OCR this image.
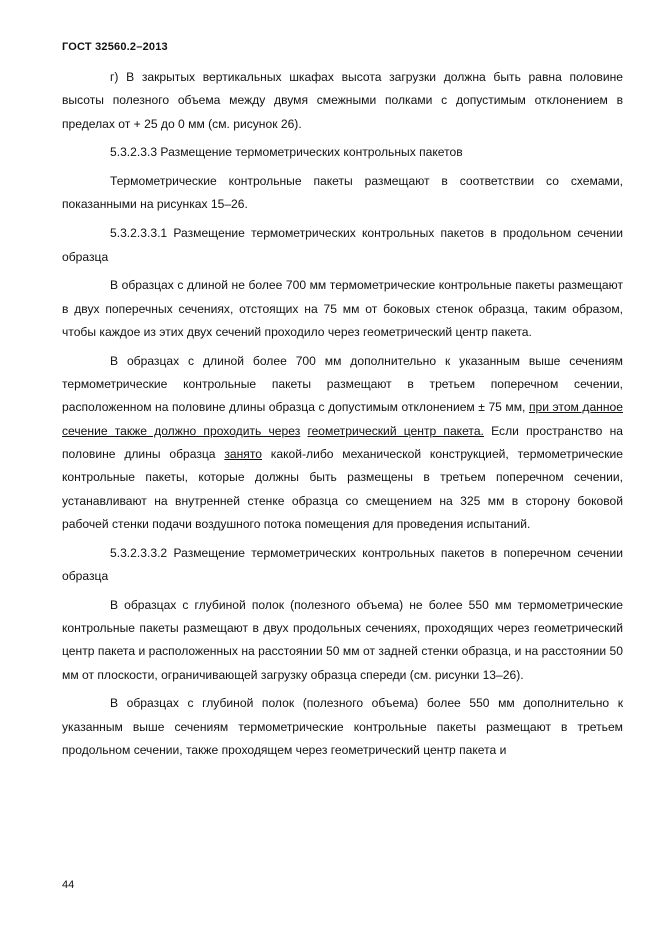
ГОСТ 32560.2–2013

г) В закрытых вертикальных шкафах высота загрузки должна быть равна половине высоты полезного объема между двумя смежными полками с допустимым отклонением в пределах от + 25 до 0 мм (см. рисунок 26).

5.3.2.3.3 Размещение термометрических контрольных пакетов

Термометрические контрольные пакеты размещают в соответствии со схемами, показанными на рисунках 15–26.

5.3.2.3.3.1 Размещение термометрических контрольных пакетов в продольном сечении образца

В образцах с длиной не более 700 мм термометрические контрольные пакеты размещают в двух поперечных сечениях, отстоящих на 75 мм от боковых стенок образца, таким образом, чтобы каждое из этих двух сечений проходило через геометрический центр пакета.

В образцах с длиной более 700 мм дополнительно к указанным выше сечениям термометрические контрольные пакеты размещают в третьем поперечном сечении, расположенном на половине длины образца с допустимым отклонением ± 75 мм, при этом данное сечение также должно проходить через геометрический центр пакета. Если пространство на половине длины образца занято какой-либо механической конструкцией, термометрические контрольные пакеты, которые должны быть размещены в третьем поперечном сечении, устанавливают на внутренней стенке образца со смещением на 325 мм в сторону боковой рабочей стенки подачи воздушного потока помещения для проведения испытаний.

5.3.2.3.3.2 Размещение термометрических контрольных пакетов в поперечном сечении образца

В образцах с глубиной полок (полезного объема) не более 550 мм термометрические контрольные пакеты размещают в двух продольных сечениях, проходящих через геометрический центр пакета и расположенных на расстоянии 50 мм от задней стенки образца, и на расстоянии 50 мм от плоскости, ограничивающей загрузку образца спереди (см. рисунки 13–26).

В образцах с глубиной полок (полезного объема) более 550 мм дополнительно к указанным выше сечениям термометрические контрольные пакеты размещают в третьем продольном сечении, также проходящем через геометрический центр пакета и

44
